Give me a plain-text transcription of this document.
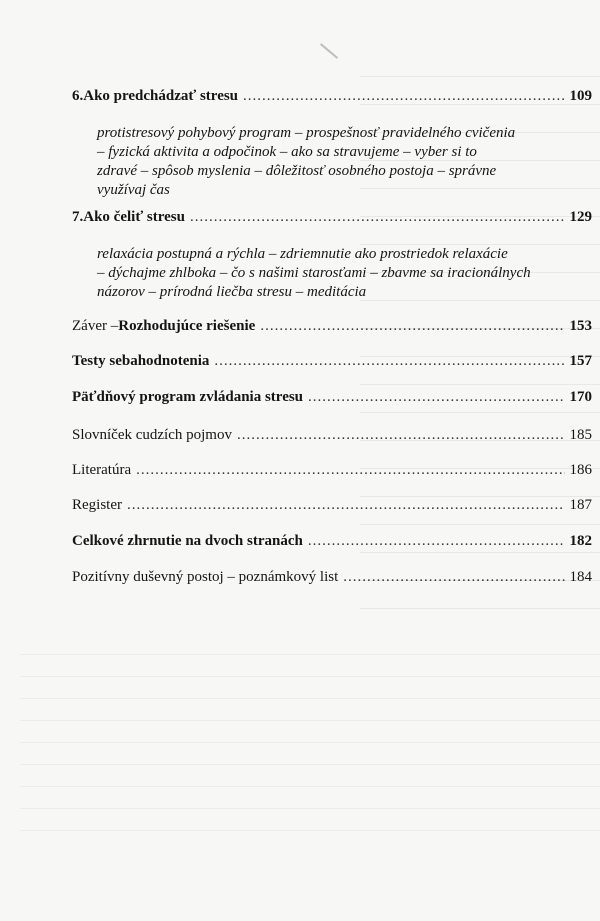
6. Ako predchádzať stresu .....	109
protistresový pohybový program – prospešnosť pravidelného cvičenia
– fyzická aktivita a odpočinok – ako sa stravujeme – vyber si to
zdravé – spôsob myslenia – dôležitosť osobného postoja – správne
využívaj čas
7. Ako čeliť stresu .....	129
relaxácia postupná a rýchla – zdriemnutie ako prostriedok relaxácie
– dýchajme zhlboka – čo s našimi starosťami – zbavme sa iracionálnych
názorov – prírodná liečba stresu – meditácia
Záver – Rozhodujúce riešenie .....	153
Testy sebahodnotenia .....	157
Päťdňový program zvládania stresu .....	170
Slovníček cudzích pojmov .....	185
Literatúra .....	186
Register .....	187
Celkové zhrnutie na dvoch stranách .....	182
Pozitívny duševný postoj – poznámkový list .....	184
